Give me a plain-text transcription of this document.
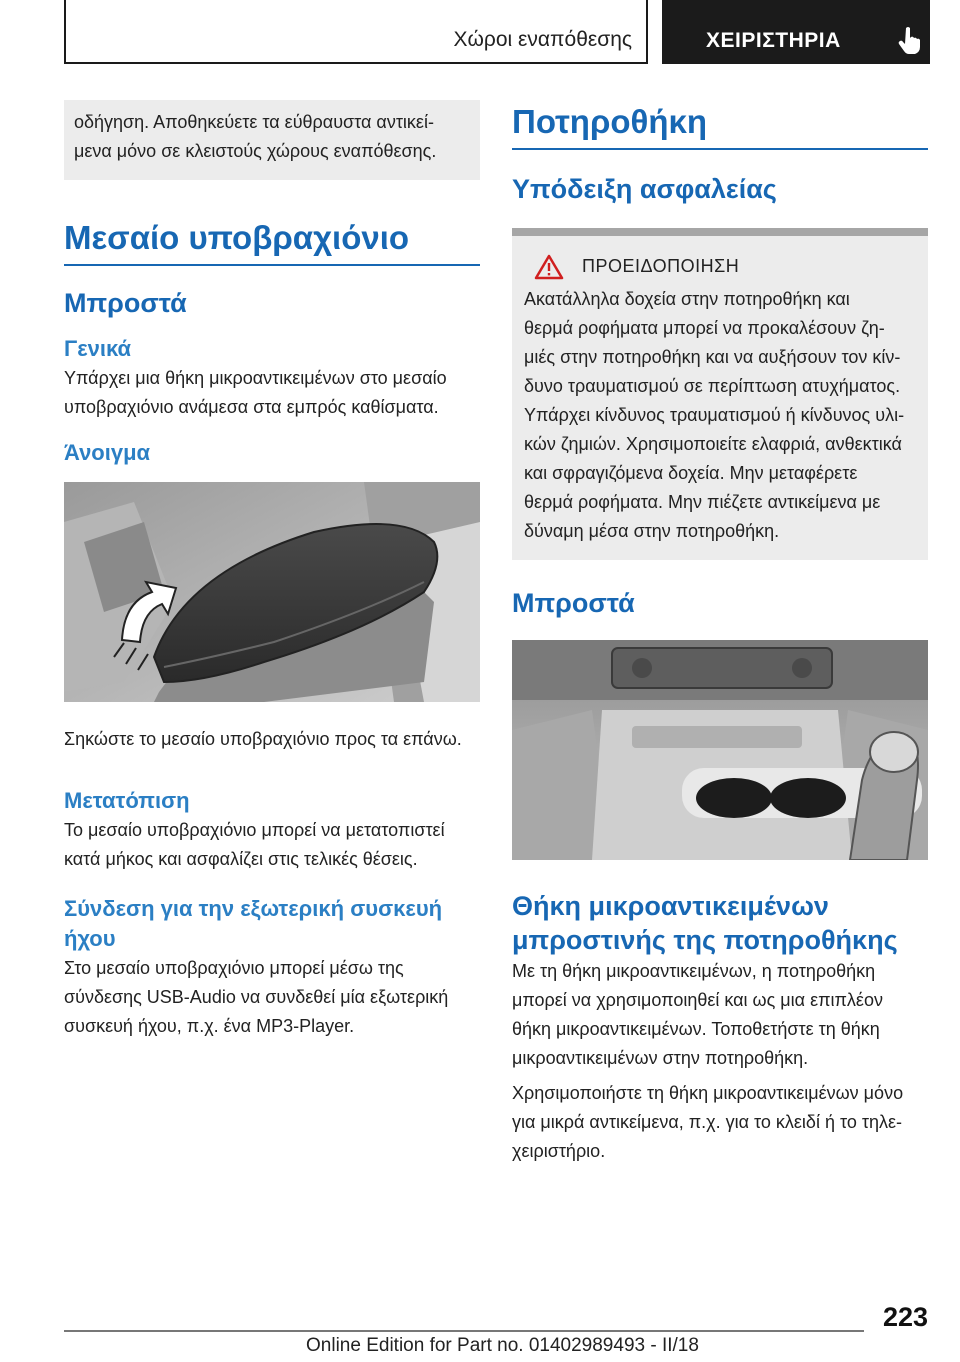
Χώροι εναπόθεσης	ΧΕΙΡΙΣΤΗΡΙΑ
οδήγηση. Αποθηκεύετε τα εύθραυστα αντικεί-
μενα μόνο σε κλειστούς χώρους εναπόθεσης.
Μεσαίο υποβραχιόνιο
Μπροστά
Γενικά
Υπάρχει μια θήκη μικροαντικειμένων στο μεσαίο
υποβραχιόνιο ανάμεσα στα εμπρός καθίσματα.
Άνοιγμα
Σηκώστε το μεσαίο υποβραχιόνιο προς τα επάνω.
Μετατόπιση
Το μεσαίο υποβραχιόνιο μπορεί να μετατοπιστεί
κατά μήκος και ασφαλίζει στις τελικές θέσεις.
Σύνδεση για την εξωτερική συσκευή
ήχου
Στο μεσαίο υποβραχιόνιο μπορεί μέσω της
σύνδεσης USB-Audio να συνδεθεί μία εξωτερική
συσκευή ήχου, π.χ. ένα MP3-Player.
Ποτηροθήκη
Υπόδειξη ασφαλείας
ΠΡΟΕΙΔΟΠΟΙΗΣΗ
Ακατάλληλα δοχεία στην ποτηροθήκη και
θερμά ροφήματα μπορεί να προκαλέσουν ζη-
μιές στην ποτηροθήκη και να αυξήσουν τον κίν-
δυνο τραυματισμού σε περίπτωση ατυχήματος.
Υπάρχει κίνδυνος τραυματισμού ή κίνδυνος υλι-
κών ζημιών. Χρησιμοποιείτε ελαφριά, ανθεκτικά
και σφραγιζόμενα δοχεία. Μην μεταφέρετε
θερμά ροφήματα. Μην πιέζετε αντικείμενα με
δύναμη μέσα στην ποτηροθήκη.
Μπροστά
Θήκη μικροαντικειμένων
μπροστινής της ποτηροθήκης
Με τη θήκη μικροαντικειμένων, η ποτηροθήκη
μπορεί να χρησιμοποιηθεί και ως μια επιπλέον
θήκη μικροαντικειμένων. Τοποθετήστε τη θήκη
μικροαντικειμένων στην ποτηροθήκη.
Χρησιμοποιήστε τη θήκη μικροαντικειμένων μόνο
για μικρά αντικείμενα, π.χ. για το κλειδί ή το τηλε-
χειριστήριο.
223
Online Edition for Part no. 01402989493 - II/18
